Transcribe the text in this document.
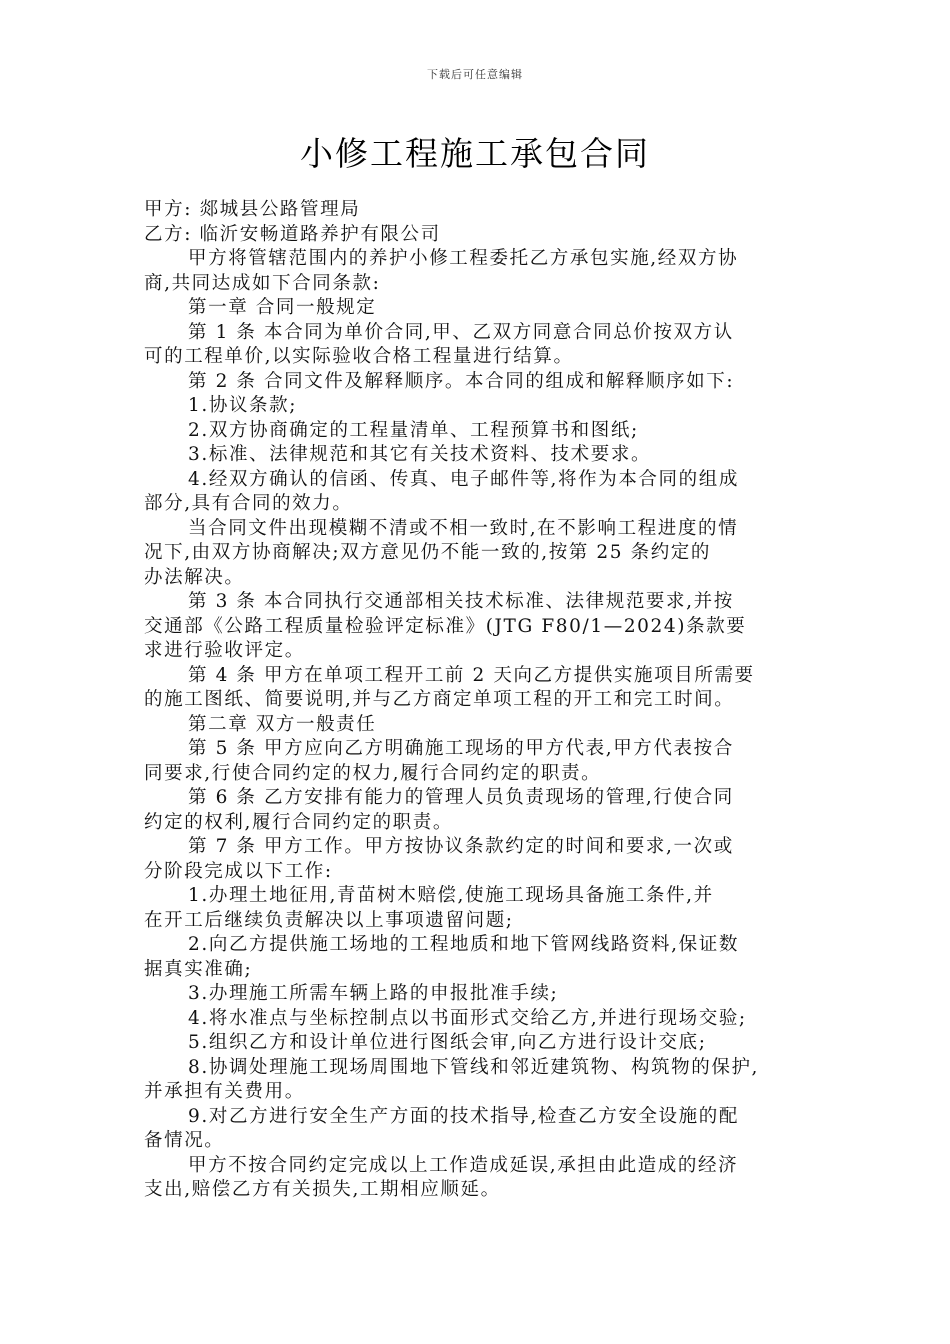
下载后可任意编辑
小修工程施工承包合同
甲方: 郯城县公路管理局
乙方: 临沂安畅道路养护有限公司
甲方将管辖范围内的养护小修工程委托乙方承包实施,经双方协
商,共同达成如下合同条款:
第一章 合同一般规定
第 1 条 本合同为单价合同,甲、乙双方同意合同总价按双方认
可的工程单价,以实际验收合格工程量进行结算。
第 2 条 合同文件及解释顺序。本合同的组成和解释顺序如下:
1.协议条款;
2.双方协商确定的工程量清单、工程预算书和图纸;
3.标准、法律规范和其它有关技术资料、技术要求。
4.经双方确认的信函、传真、电子邮件等,将作为本合同的组成
部分,具有合同的效力。
当合同文件出现模糊不清或不相一致时,在不影响工程进度的情
况下,由双方协商解决;双方意见仍不能一致的,按第 25 条约定的
办法解决。
第 3 条 本合同执行交通部相关技术标准、法律规范要求,并按
交通部《公路工程质量检验评定标准》(JTG F80/1—2024)条款要
求进行验收评定。
第 4 条 甲方在单项工程开工前 2 天向乙方提供实施项目所需要
的施工图纸、简要说明,并与乙方商定单项工程的开工和完工时间。
第二章 双方一般责任
第 5 条 甲方应向乙方明确施工现场的甲方代表,甲方代表按合
同要求,行使合同约定的权力,履行合同约定的职责。
第 6 条 乙方安排有能力的管理人员负责现场的管理,行使合同
约定的权利,履行合同约定的职责。
第 7 条 甲方工作。甲方按协议条款约定的时间和要求,一次或
分阶段完成以下工作:
1.办理土地征用,青苗树木赔偿,使施工现场具备施工条件,并
在开工后继续负责解决以上事项遗留问题;
2.向乙方提供施工场地的工程地质和地下管网线路资料,保证数
据真实准确;
3.办理施工所需车辆上路的申报批准手续;
4.将水准点与坐标控制点以书面形式交给乙方,并进行现场交验;
5.组织乙方和设计单位进行图纸会审,向乙方进行设计交底;
8.协调处理施工现场周围地下管线和邻近建筑物、构筑物的保护,
并承担有关费用。
9.对乙方进行安全生产方面的技术指导,检查乙方安全设施的配
备情况。
甲方不按合同约定完成以上工作造成延误,承担由此造成的经济
支出,赔偿乙方有关损失,工期相应顺延。
